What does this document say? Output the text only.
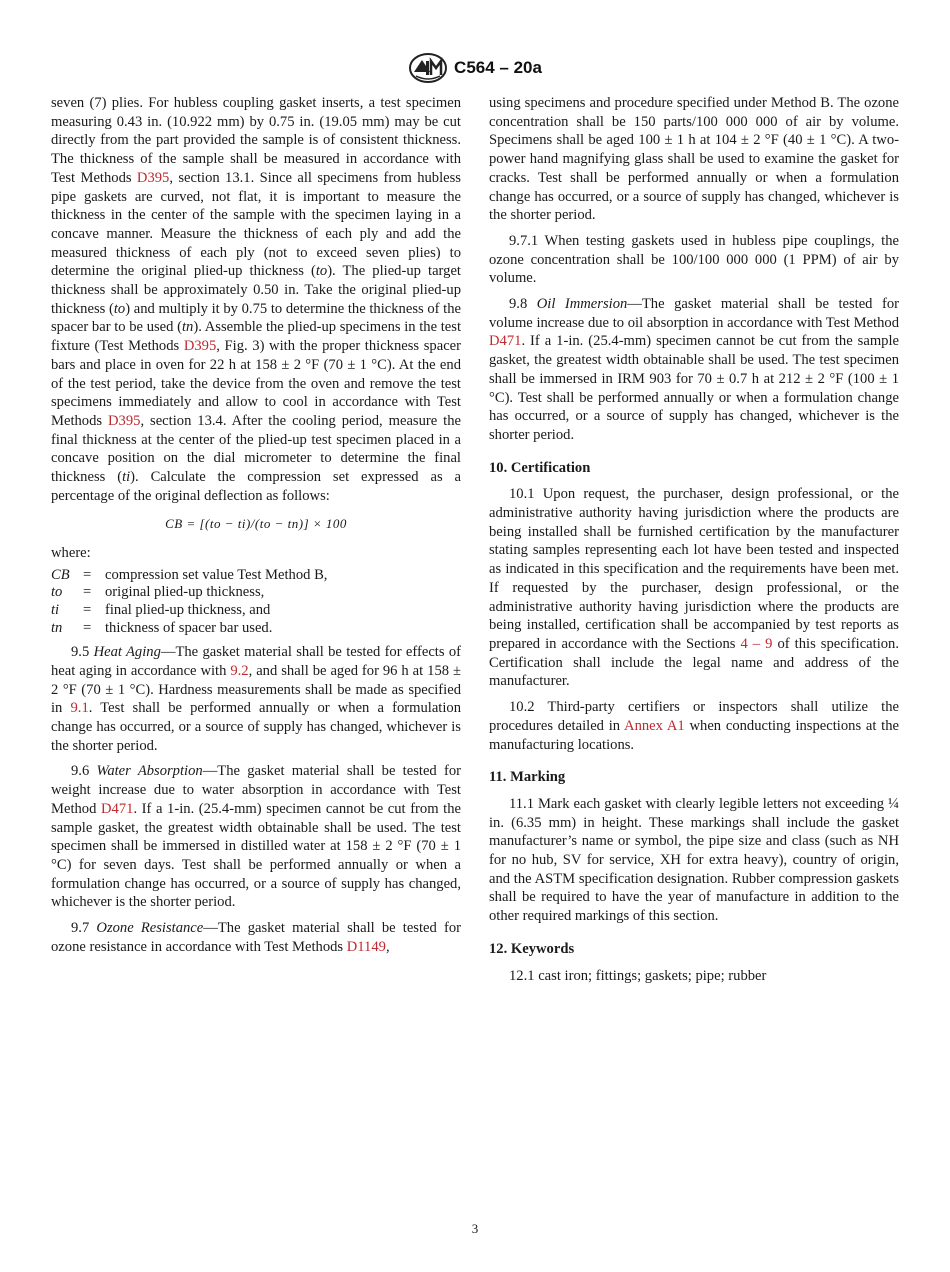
C564 – 20a

seven (7) plies. For hubless coupling gasket inserts, a test specimen measuring 0.43 in. (10.922 mm) by 0.75 in. (19.05 mm) may be cut directly from the part provided the sample is of consistent thickness. The thickness of the sample shall be measured in accordance with Test Methods D395, section 13.1. Since all specimens from hubless pipe gaskets are curved, not flat, it is important to measure the thickness in the center of the sample with the specimen laying in a concave manner. Measure the thickness of each ply and add the measured thickness of each ply (not to exceed seven plies) to determine the original plied-up thickness (to). The plied-up target thickness shall be approximately 0.50 in. Take the original plied-up thickness (to) and multiply it by 0.75 to determine the thickness of the spacer bar to be used (tn). Assemble the plied-up specimens in the test fixture (Test Methods D395, Fig. 3) with the proper thickness spacer bars and place in oven for 22 h at 158 ± 2 °F (70 ± 1 °C). At the end of the test period, take the device from the oven and remove the test specimens immediately and allow to cool in accordance with Test Methods D395, section 13.4. After the cooling period, measure the final thickness at the center of the plied-up test specimen placed in a concave position on the dial micrometer to determine the final thickness (ti). Calculate the compression set expressed as a percentage of the original deflection as follows:

CB = [(to − ti)/(to − tn)] × 100
where:
CB = compression set value Test Method B,
to	= original plied-up thickness,
ti	= final plied-up thickness, and
tn	= thickness of spacer bar used.

9.5 Heat Aging—The gasket material shall be tested for effects of heat aging in accordance with 9.2, and shall be aged for 96 h at 158 ± 2 °F (70 ± 1 °C). Hardness measurements shall be made as specified in 9.1. Test shall be performed annually or when a formulation change has occurred, or a source of supply has changed, whichever is the shorter period.

9.6 Water Absorption—The gasket material shall be tested for weight increase due to water absorption in accordance with Test Method D471. If a 1-in. (25.4-mm) specimen cannot be cut from the sample gasket, the greatest width obtainable shall be used. The test specimen shall be immersed in distilled water at 158 ± 2 °F (70 ± 1 °C) for seven days. Test shall be performed annually or when a formulation change has occurred, or a source of supply has changed, whichever is the shorter period.

9.7 Ozone Resistance—The gasket material shall be tested for ozone resistance in accordance with Test Methods D1149,

using specimens and procedure specified under Method B. The ozone concentration shall be 150 parts/100 000 000 of air by volume. Specimens shall be aged 100 ± 1 h at 104 ± 2 °F (40 ± 1 °C). A two-power hand magnifying glass shall be used to examine the gasket for cracks. Test shall be performed annually or when a formulation change has occurred, or a source of supply has changed, whichever is the shorter period.

9.7.1 When testing gaskets used in hubless pipe couplings, the ozone concentration shall be 100/100 000 000 (1 PPM) of air by volume.

9.8 Oil Immersion—The gasket material shall be tested for volume increase due to oil absorption in accordance with Test Method D471. If a 1-in. (25.4-mm) specimen cannot be cut from the sample gasket, the greatest width obtainable shall be used. The test specimen shall be immersed in IRM 903 for 70 ± 0.7 h at 212 ± 2 °F (100 ± 1 °C). Test shall be performed annually or when a formulation change has occurred, or a source of supply has changed, whichever is the shorter period.

10. Certification

10.1 Upon request, the purchaser, design professional, or the administrative authority having jurisdiction where the products are being installed shall be furnished certification by the manufacturer stating samples representing each lot have been tested and inspected as indicated in this specification and the requirements have been met. If requested by the purchaser, design professional, or the administrative authority having jurisdiction where the products are being installed, certification shall be accompanied by test reports as prepared in accordance with the Sections 4 – 9 of this specification. Certification shall include the legal name and address of the manufacturer.

10.2 Third-party certifiers or inspectors shall utilize the procedures detailed in Annex A1 when conducting inspections at the manufacturing locations.

11. Marking

11.1 Mark each gasket with clearly legible letters not exceeding ¼ in. (6.35 mm) in height. These markings shall include the gasket manufacturer’s name or symbol, the pipe size and class (such as NH for no hub, SV for service, XH for extra heavy), country of origin, and the ASTM specification designation. Rubber compression gaskets shall be required to have the year of manufacture in addition to the other required markings of this section.

12. Keywords

12.1 cast iron; fittings; gaskets; pipe; rubber

3
